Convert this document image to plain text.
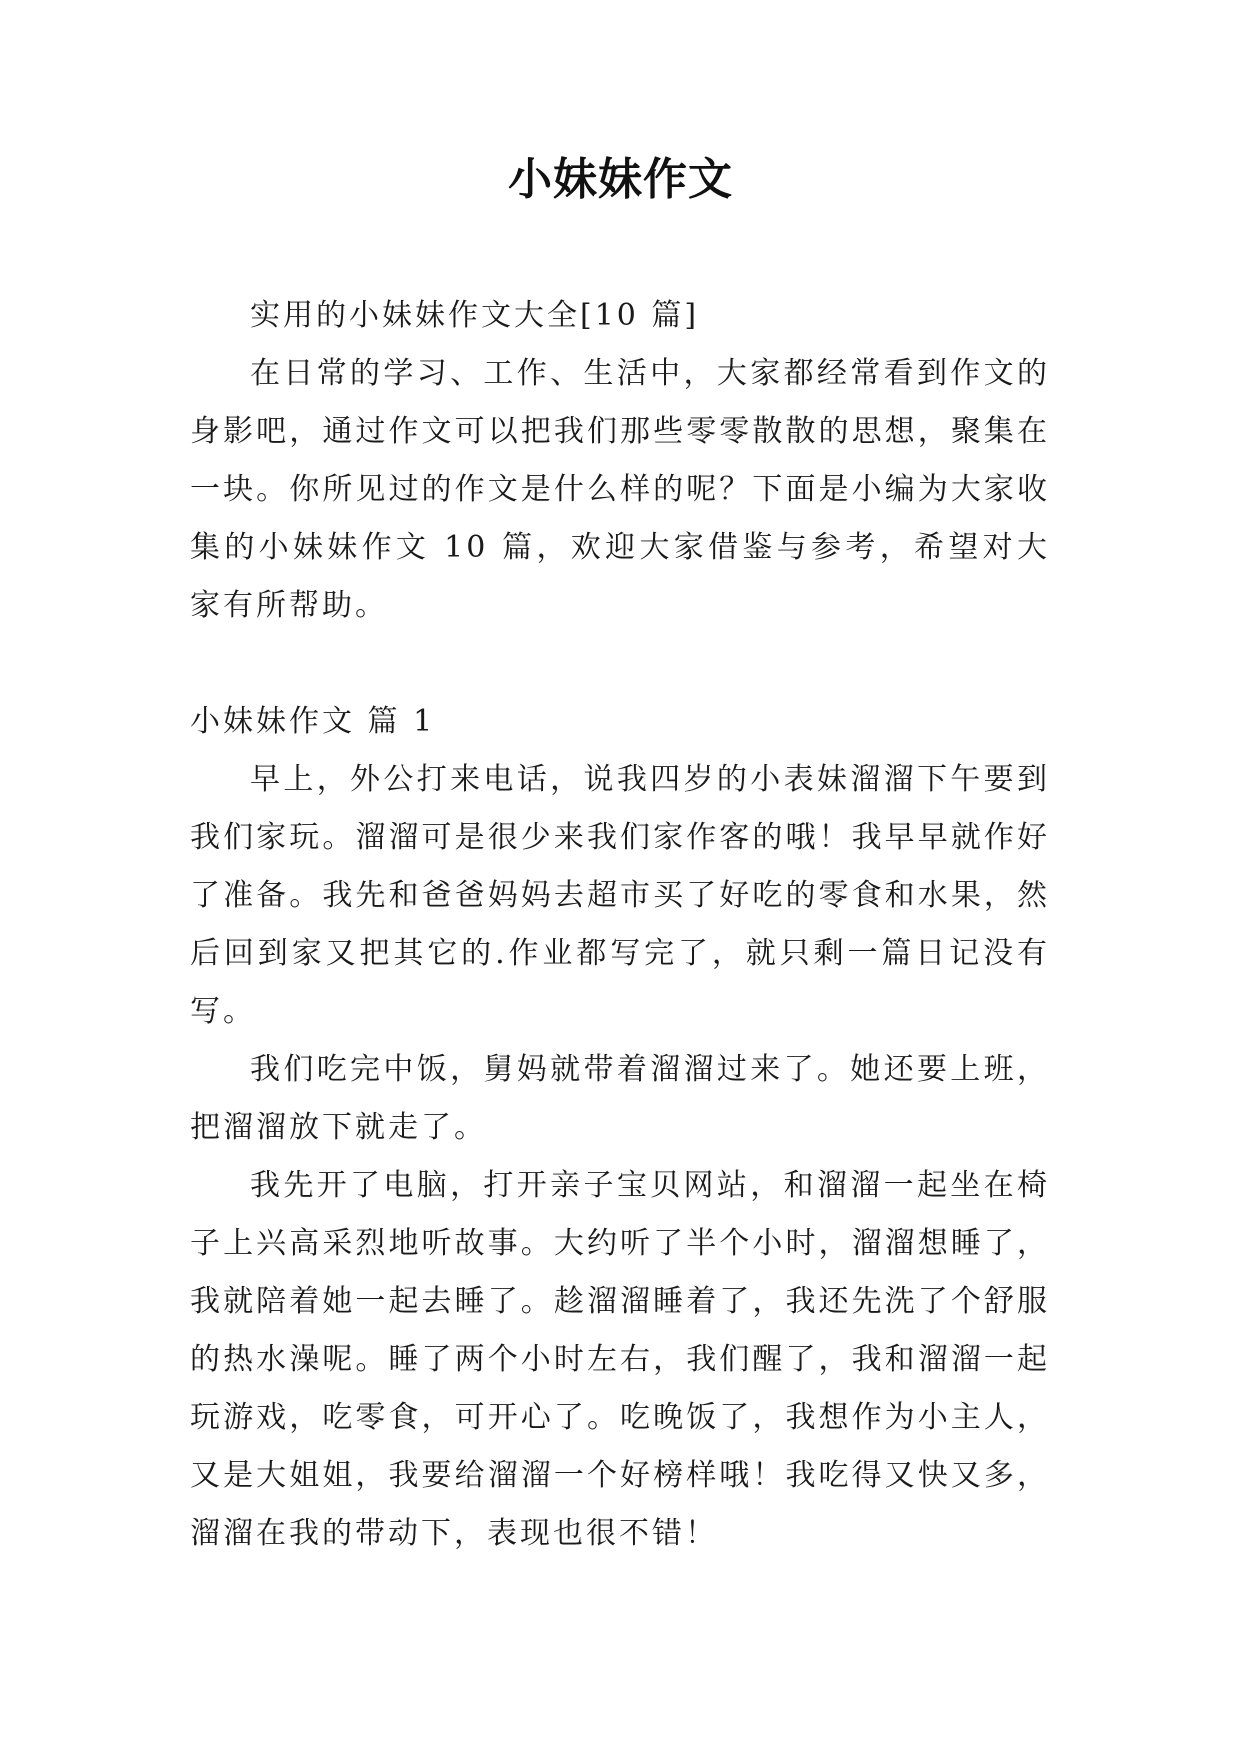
小妹妹作文

实用的小妹妹作文大全[10 篇]

在日常的学习、工作、生活中，大家都经常看到作文的身影吧，通过作文可以把我们那些零零散散的思想，聚集在一块。你所见过的作文是什么样的呢？下面是小编为大家收集的小妹妹作文 10 篇，欢迎大家借鉴与参考，希望对大家有所帮助。

小妹妹作文 篇 1

早上，外公打来电话，说我四岁的小表妹溜溜下午要到我们家玩。溜溜可是很少来我们家作客的哦！我早早就作好了准备。我先和爸爸妈妈去超市买了好吃的零食和水果，然后回到家又把其它的.作业都写完了，就只剩一篇日记没有写。

我们吃完中饭，舅妈就带着溜溜过来了。她还要上班，把溜溜放下就走了。

我先开了电脑，打开亲子宝贝网站，和溜溜一起坐在椅子上兴高采烈地听故事。大约听了半个小时，溜溜想睡了，我就陪着她一起去睡了。趁溜溜睡着了，我还先洗了个舒服的热水澡呢。睡了两个小时左右，我们醒了，我和溜溜一起玩游戏，吃零食，可开心了。吃晚饭了，我想作为小主人，又是大姐姐，我要给溜溜一个好榜样哦！我吃得又快又多，溜溜在我的带动下，表现也很不错！
